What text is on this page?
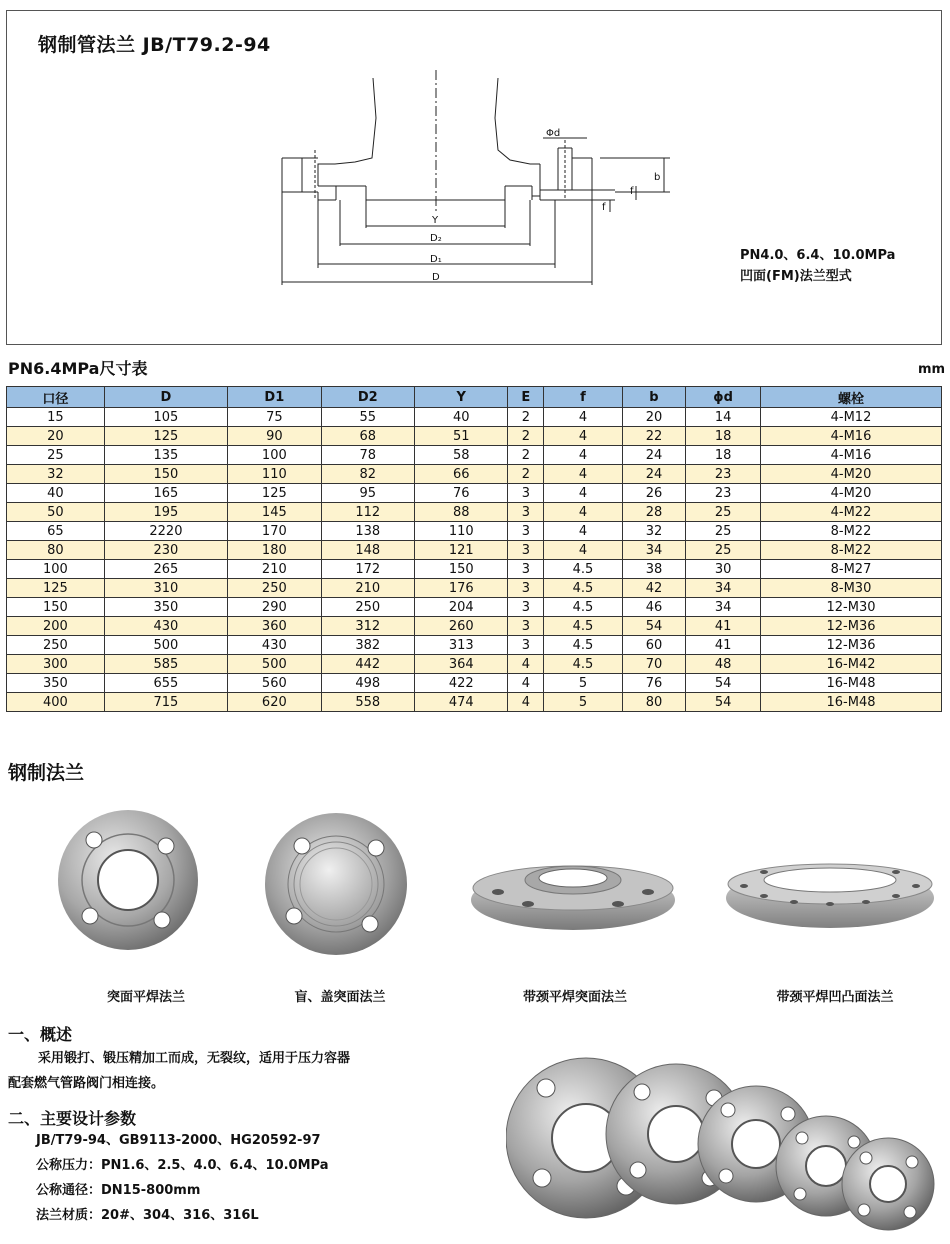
钢制管法兰 JB/T79.2-94
Φd
b
f
f
Y
D₂
D₁
D
PN4.0、6.4、10.0MPa
凹面(FM)法兰型式
PN6.4MPa尺寸表	mm
口径	D	D1	D2	Y	E	f	b	ϕd	螺栓
15	105	75	55	40	2	4	20	14	4-M12
20	125	90	68	51	2	4	22	18	4-M16
25	135	100	78	58	2	4	24	18	4-M16
32	150	110	82	66	2	4	24	23	4-M20
40	165	125	95	76	3	4	26	23	4-M20
50	195	145	112	88	3	4	28	25	4-M22
65	2220	170	138	110	3	4	32	25	8-M22
80	230	180	148	121	3	4	34	25	8-M22
100	265	210	172	150	3	4.5	38	30	8-M27
125	310	250	210	176	3	4.5	42	34	8-M30
150	350	290	250	204	3	4.5	46	34	12-M30
200	430	360	312	260	3	4.5	54	41	12-M36
250	500	430	382	313	3	4.5	60	41	12-M36
300	585	500	442	364	4	4.5	70	48	16-M42
350	655	560	498	422	4	5	76	54	16-M48
400	715	620	558	474	4	5	80	54	16-M48
钢制法兰
突面平焊法兰	盲、盖突面法兰	带颈平焊突面法兰	带颈平焊凹凸面法兰
一、概述
采用锻打、锻压精加工而成，无裂纹，适用于压力容器
配套燃气管路阀门相连接。
二、主要设计参数
JB/T79-94、GB9113-2000、HG20592-97
公称压力：PN1.6、2.5、4.0、6.4、10.0MPa
公称通径：DN15-800mm
法兰材质：20#、304、316、316L
